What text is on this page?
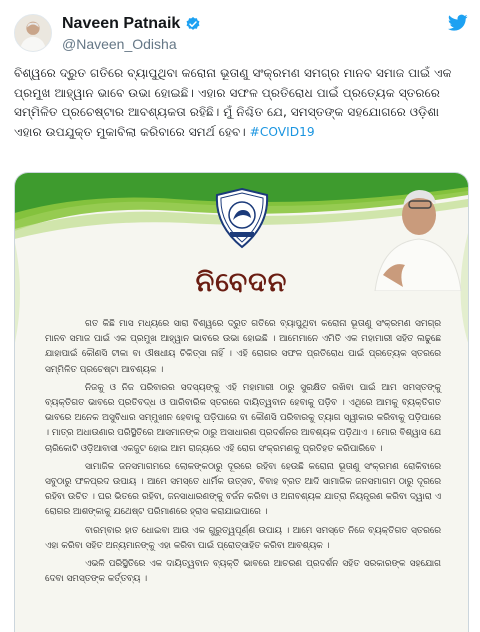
Naveen Patnaik
@Naveen_Odisha
ବିଶ୍ୱରେ ଦ୍ରୁତ ଗତିରେ ବ୍ୟାପୁଥିବା କରୋନା ଭୂତାଣୁ ସଂକ୍ରମଣ ସମଗ୍ର ମାନବ ସମାଜ ପାଇଁ ଏକ ପ୍ରମୁଖ ଆହ୍ୱାନ ଭାବେ ଉଭା ହୋଇଛି। ଏହାର ସଫଳ ପ୍ରତିରୋଧ ପାଇଁ ପ୍ରତ୍ୟେକ ସ୍ତରରେ ସମ୍ମିଳିତ ପ୍ରଚେଷ୍ଟାର ଆବଶ୍ୟକତା ରହିଛି। ମୁଁ ନିଶ୍ଚିତ ଯେ, ସମସ୍ତଙ୍କ ସହଯୋଗରେ ଓଡ଼ିଶା ଏହାର ଉପଯୁକ୍ତ ମୁକାବିଲା କରିବାରେ ସମର୍ଥ ହେବ। #COVID19
ନିବେଦନ

ଗତ କିଛି ମାସ ମଧ୍ୟରେ ସାରା ବିଶ୍ୱରେ ଦ୍ରୁତ ଗତିରେ ବ୍ୟାପୁଥିବା କରୋନା ଭୂତାଣୁ ସଂକ୍ରମଣ ସମଗ୍ର ମାନବ ସମାଜ ପାଇଁ ଏକ ପ୍ରମୁଖ ଆହ୍ୱାନ ଭାବରେ ଉଭା ହୋଇଛି । ଆମେମାନେ ଏମିତି ଏକ ମହାମାରୀ ସହିତ ଲଢୁଛେ ଯାହାପାଇଁ କୌଣସି ଟୀକା ବା ଔଷଧୀୟ ଚିକିତ୍ସା ନାହିଁ । ଏହି ରୋଗର ସଫଳ ପ୍ରତିରୋଧ ପାଇଁ ପ୍ରତ୍ୟେକ ସ୍ତରରେ ସମ୍ମିଳିତ ପ୍ରଚେଷ୍ଟା ଆବଶ୍ୟକ ।

ନିଜକୁ ଓ ନିଜ ପରିବାରର ସଦସ୍ୟଙ୍କୁ ଏହି ମହାମାରୀ ଠାରୁ ସୁରକ୍ଷିତ ରଖିବା ପାଇଁ ଆମ ସମସ୍ତଙ୍କୁ ବ୍ୟକ୍ତିଗତ ଭାବରେ ପ୍ରତିବଦ୍ଧ ଓ ପାରିବାରିକ ସ୍ତରରେ ଦାୟିତ୍ୱବାନ ହେବାକୁ ପଡ଼ିବ । ଏଥିରେ ଆମକୁ ବ୍ୟକ୍ତିଗତ ଭାବରେ ଅନେକ ଅସୁବିଧାର ସମ୍ମୁଖୀନ ହେବାକୁ ପଡ଼ିପାରେ ବା କୌଣସି ପରିବାରକୁ ତ୍ୟାଗ ସ୍ୱୀକାର କରିବାକୁ ପଡ଼ିପାରେ । ମାତ୍ର ଅଧାଉଣାର ପରିସ୍ଥିତିରେ ଆସମାନଙ୍କ ଠାରୁ ଅସାଧାରଣ ପ୍ରଦର୍ଶନର ଆବଶ୍ୟକ ପଡ଼ିଥାଏ । ମୋର ବିଶ୍ୱାସ ଯେ ଚାରିକୋଟି ଓଡ଼ିଆବାସୀ ଏକଜୁଟ ହୋଇ ଆମ ରାଜ୍ୟରେ ଏହି ରୋଗ ସଂକ୍ରମଣକୁ ପ୍ରତିହତ କରିପାରିବେ ।

ସାମାଜିକ ଜନସମାଗମରେ ଲୋକଙ୍କଠାରୁ ଦୂରରେ ରହିବା ହେଉଛି କରୋନା ଭୂତାଣୁ ସଂକ୍ରମଣ ରୋକିବାରେ ସବୁଠାରୁ ଫଳପ୍ରଦ ଉପାୟ । ଆମେ ସମସ୍ତେ ଧାର୍ମିକ ଉତ୍ସବ, ବିବାହ ବ୍ରତ ଆଦି ସାମାଜିକ ଜନସମାଗମ ଠାରୁ ଦୂରରେ ରହିବା ଉଚିତ । ଘର ଭିତରେ ରହିବା, ଜନସାଧାରଣଙ୍କୁ ବର୍ଜନ କରିବା ଓ ଅନାବଶ୍ୟକ ଯାତ୍ରା ନିୟନ୍ତ୍ରଣ କରିବା ଦ୍ୱାରା ଏ ରୋଗର ଆଶଙ୍କାକୁ ଯଥେଷ୍ଟ ପରିମାଣରେ ହ୍ରାସ କରାଯାଇପାରେ ।

ବାରମ୍ବାର ହାତ ଧୋଇବା ଆଉ ଏକ ଗୁରୁତ୍ୱପୂର୍ଣ୍ଣ ଉପାୟ । ଆମେ ସମସ୍ତେ ନିଜେ ବ୍ୟକ୍ତିଗତ ସ୍ତରରେ ଏହା କରିବା ସହିତ ଅନ୍ୟମାନଙ୍କୁ ଏହା କରିବା ପାଇଁ ପ୍ରୋତ୍ସାହିତ କରିବା ଆବଶ୍ୟକ ।

ଏଭଳି ପରିସ୍ଥିତିରେ ଏକ ଦାୟିତ୍ୱବାନ ବ୍ୟକ୍ତି ଭାବରେ ଆଚରଣ ପ୍ରଦର୍ଶନ ସହିତ ସରକାରଙ୍କ ସହଯୋଗ ଦେବା ସମସ୍ତଙ୍କ କର୍ତ୍ତବ୍ୟ ।
